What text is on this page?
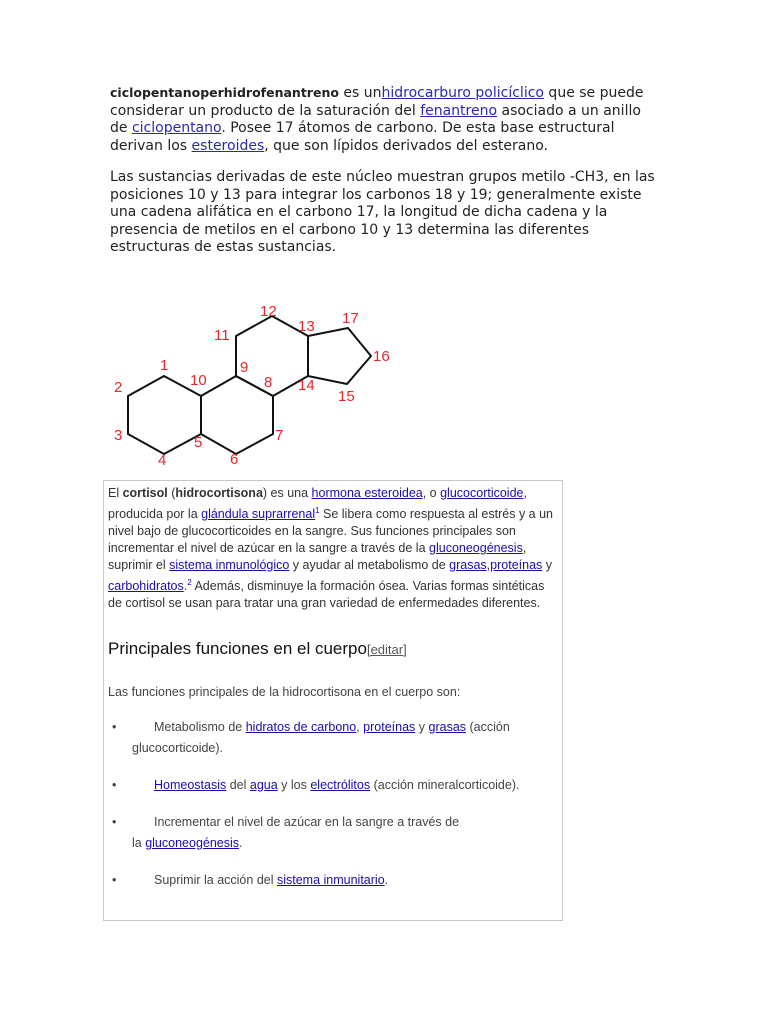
ciclopentanoperhidrofenantreno es unhidrocarburo policíclico que se puede considerar un producto de la saturación del fenantreno asociado a un anillo de ciclopentano. Posee 17 átomos de carbono. De esta base estructural derivan los esteroides, que son lípidos derivados del esterano.

Las sustancias derivadas de este núcleo muestran grupos metilo -CH3, en las posiciones 10 y 13 para integrar los carbonos 18 y 19; generalmente existe una cadena alifática en el carbono 17, la longitud de dicha cadena y la presencia de metilos en el carbono 10 y 13 determina las diferentes estructuras de estas sustancias.

1
2
3
4
5
6
7
8
9
10
11
12
13
14
15
16
17
El cortisol (hidrocortisona) es una hormona esteroidea, o glucocorticoide, producida por la glándula suprarrenal$^1$ Se libera como respuesta al estrés y a un nivel bajo de glucocorticoides en la sangre. Sus funciones principales son incrementar el nivel de azúcar en la sangre a través de la gluconeogénesis, suprimir el sistema inmunológico y ayudar al metabolismo de grasas,proteínas y carbohidratos.$^2$ Además, disminuye la formación ósea. Varias formas sintéticas de cortisol se usan para tratar una gran variedad de enfermedades diferentes.
Principales funciones en el cuerpo[editar]
Las funciones principales de la hidrocortisona en el cuerpo son:
•	Metabolismo de hidratos de carbono, proteínas y grasas (acción
glucocorticoide).
•	Homeostasis del agua y los electrólitos (acción mineralcorticoide).
•	Incrementar el nivel de azúcar en la sangre a través de
la gluconeogénesis.
•	Suprimir la acción del sistema inmunitario.
